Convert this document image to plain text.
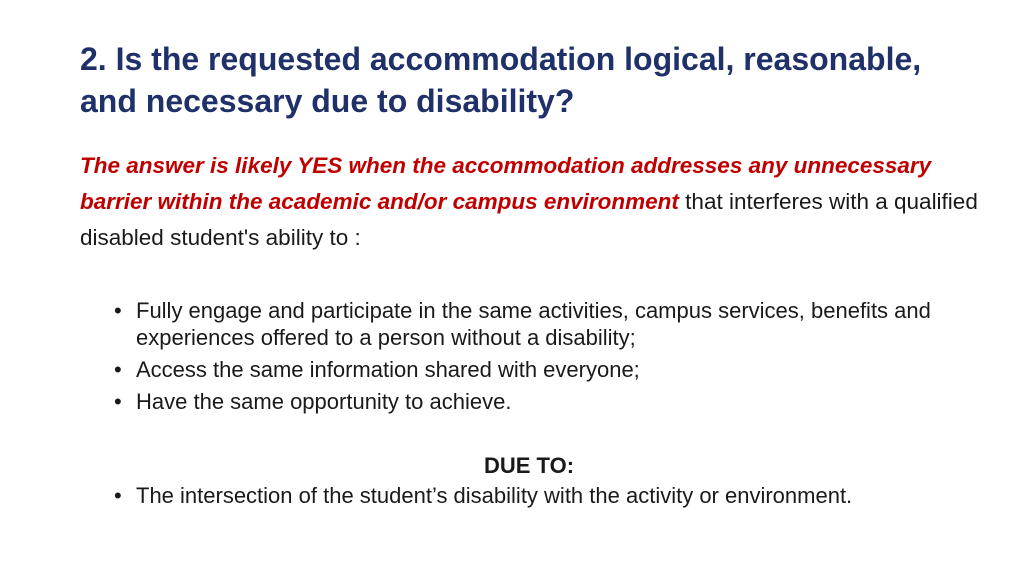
2. Is the requested accommodation logical, reasonable, and necessary due to disability?

The answer is likely YES when the accommodation addresses any unnecessary barrier within the academic and/or campus environment that interferes with a qualified disabled student's ability to :

• Fully engage and participate in the same activities, campus services, benefits and experiences offered to a person without a disability;
• Access the same information shared with everyone;
• Have the same opportunity to achieve.

DUE TO:

• The intersection of the student’s disability with the activity or environment.
